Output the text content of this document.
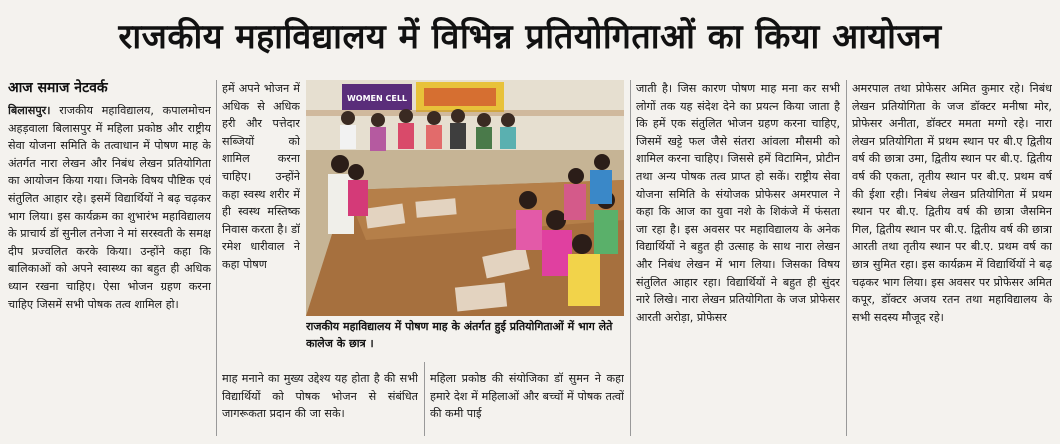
राजकीय महाविद्यालय में विभिन्न प्रतियोगिताओं का किया आयोजन
आज समाज नेटवर्क

बिलासपुर। राजकीय महाविद्यालय, कपालमोचन अहड़वाला बिलासपुर में महिला प्रकोष्ठ और राष्ट्रीय सेवा योजना समिति के तत्वाधान में पोषण माह के अंतर्गत नारा लेखन और निबंध लेखन प्रतियोगिता का आयोजन किया गया। जिनके विषय पौष्टिक एवं संतुलित आहार रहे। इसमें विद्यार्थियों ने बढ़ चढ़कर भाग लिया। इस कार्यक्रम का शुभारंभ महाविद्यालय के प्राचार्य डॉ सुनील तनेजा ने मां सरस्वती के समक्ष दीप प्रज्वलित करके किया। उन्होंने कहा कि बालिकाओं को अपने स्वास्थ्य का बहुत ही अधिक ध्यान रखना चाहिए। ऐसा भोजन ग्रहण करना चाहिए जिसमें सभी पोषक तत्व शामिल हो।

हमें अपने भोजन में अधिक से अधिक हरी और पत्तेदार सब्जियों को शामिल करना चाहिए। उन्होंने कहा स्वस्थ शरीर में ही स्वस्थ मस्तिष्क निवास करता है। डॉ रमेश धारीवाल ने कहा पोषण

WOMEN CELL
राजकीय महाविद्यालय में पोषण माह के अंतर्गत हुई प्रतियोगिताओं में भाग लेते कालेज के छात्र ।

माह मनाने का मुख्य उद्देश्य यह होता है की सभी विद्यार्थियों को पोषक भोजन से संबंधित जागरूकता प्रदान की जा सके।

महिला प्रकोष्ठ की संयोजिका डॉ सुमन ने कहा हमारे देश में महिलाओं और बच्चों में पोषक तत्वों की कमी पाई

जाती है। जिस कारण पोषण माह मना कर सभी लोगों तक यह संदेश देने का प्रयत्न किया जाता है कि हमें एक संतुलित भोजन ग्रहण करना चाहिए, जिसमें खट्टे फल जैसे संतरा आंवला मौसमी को शामिल करना चाहिए। जिससे हमें विटामिन, प्रोटीन तथा अन्य पोषक तत्व प्राप्त हो सकें। राष्ट्रीय सेवा योजना समिति के संयोजक प्रोफेसर अमरपाल ने कहा कि आज का युवा नशे के शिकंजे में फंसता जा रहा है। इस अवसर पर महाविद्यालय के अनेक विद्यार्थियों ने बहुत ही उत्साह के साथ नारा लेखन और निबंध लेखन में भाग लिया। जिसका विषय संतुलित आहार रहा। विद्यार्थियों ने बहुत ही सुंदर नारे लिखे। नारा लेखन प्रतियोगिता के जज प्रोफेसर आरती अरोड़ा, प्रोफेसर

अमरपाल तथा प्रोफेसर अमित कुमार रहे। निबंध लेखन प्रतियोगिता के जज डॉक्टर मनीषा मोर, प्रोफेसर अनीता, डॉक्टर ममता मग्गो रहे। नारा लेखन प्रतियोगिता में प्रथम स्थान पर बी.ए द्वितीय वर्ष की छात्रा उमा, द्वितीय स्थान पर बी.ए. द्वितीय वर्ष की एकता, तृतीय स्थान पर बी.ए. प्रथम वर्ष की ईशा रही। निबंध लेखन प्रतियोगिता में प्रथम स्थान पर बी.ए. द्वितीय वर्ष की छात्रा जैसमिन गिल, द्वितीय स्थान पर बी.ए. द्वितीय वर्ष की छात्रा आरती तथा तृतीय स्थान पर बी.ए. प्रथम वर्ष का छात्र सुमित रहा। इस कार्यक्रम में विद्यार्थियों ने बढ़ चढ़कर भाग लिया। इस अवसर पर प्रोफेसर अमित कपूर, डॉक्टर अजय रतन तथा महाविद्यालय के सभी सदस्य मौजूद रहे।
